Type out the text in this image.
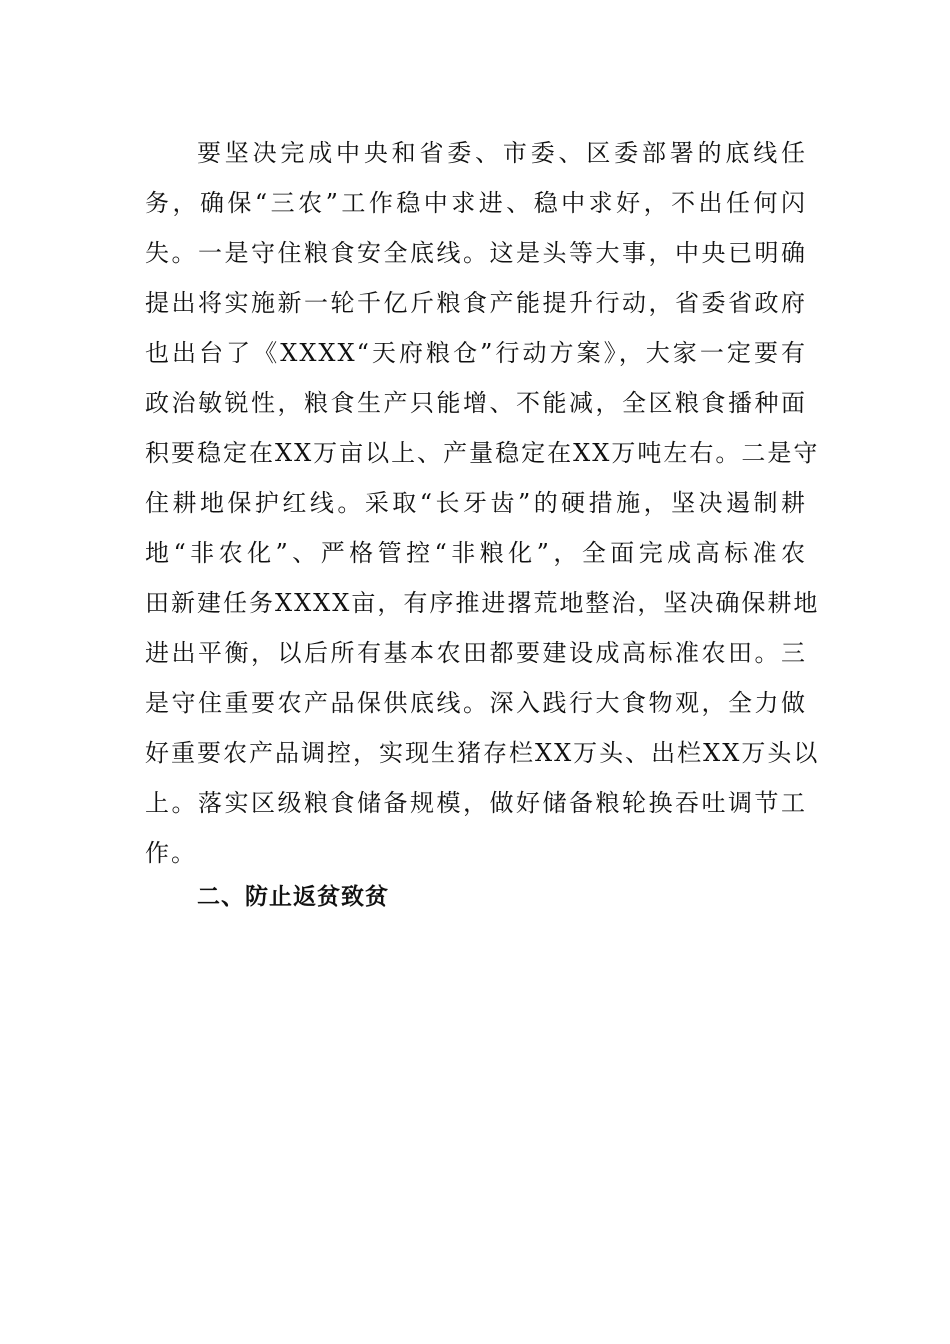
要坚决完成中央和省委、市委、区委部署的底线任
务，确保“三农”工作稳中求进、稳中求好，不出任何闪
失。一是守住粮食安全底线。这是头等大事，中央已明确
提出将实施新一轮千亿斤粮食产能提升行动，省委省政府
也出台了《XXXX“天府粮仓”行动方案》，大家一定要有
政治敏锐性，粮食生产只能增、不能减，全区粮食播种面
积要稳定在XX万亩以上、产量稳定在XX万吨左右。二是守
住耕地保护红线。采取“长牙齿”的硬措施，坚决遏制耕
地“非农化”、严格管控“非粮化”，全面完成高标准农
田新建任务XXXX亩，有序推进撂荒地整治，坚决确保耕地
进出平衡，以后所有基本农田都要建设成高标准农田。三
是守住重要农产品保供底线。深入践行大食物观，全力做
好重要农产品调控，实现生猪存栏XX万头、出栏XX万头以
上。落实区级粮食储备规模，做好储备粮轮换吞吐调节工
作。
二、防止返贫致贫
